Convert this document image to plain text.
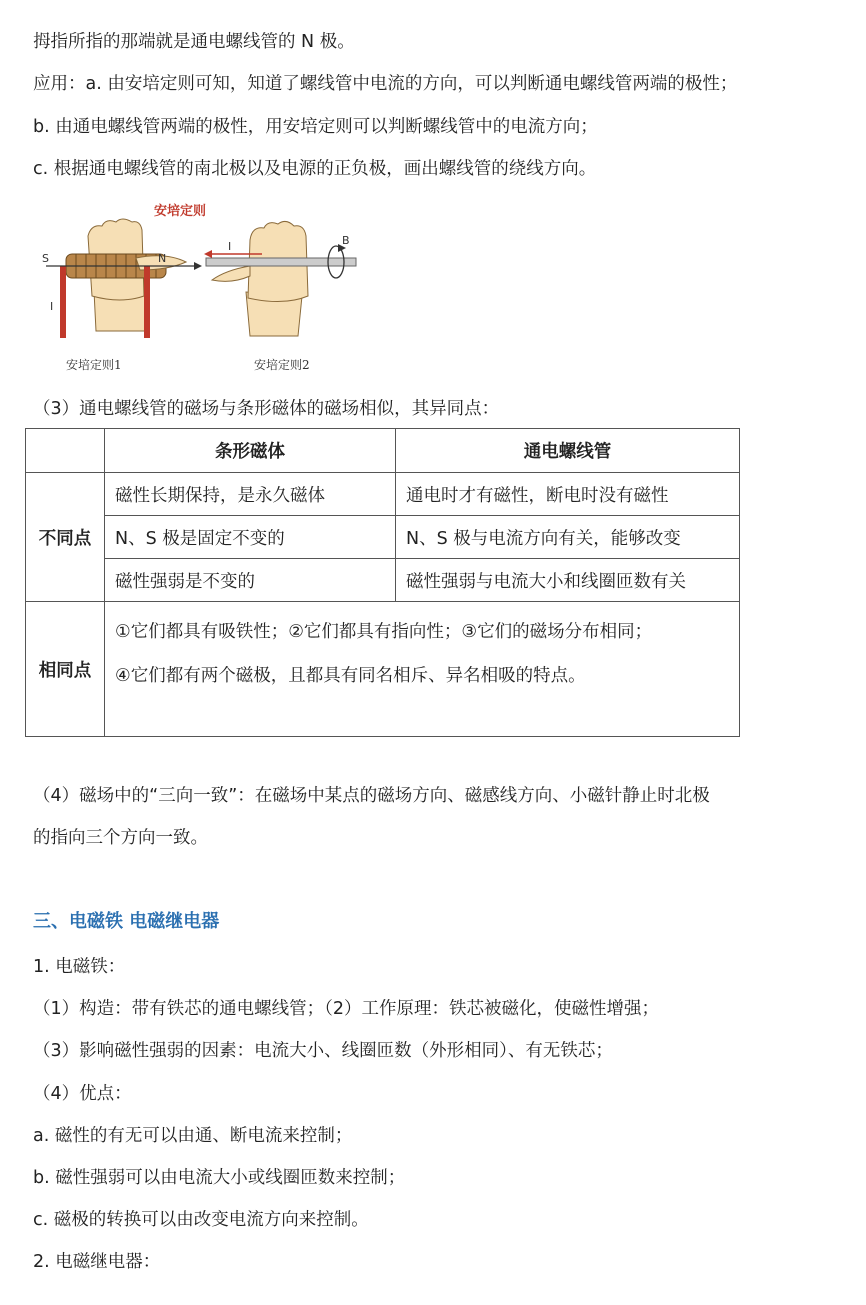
拇指所指的那端就是通电螺线管的 N 极。
应用：a. 由安培定则可知，知道了螺线管中电流的方向，可以判断通电螺线管两端的极性；
b. 由通电螺线管两端的极性，用安培定则可以判断螺线管中的电流方向；
c. 根据通电螺线管的南北极以及电源的正负极，画出螺线管的绕线方向。
安培定则
S	N
I
I	B
安培定则1	安培定则2
（3）通电螺线管的磁场与条形磁体的磁场相似，其异同点：
	条形磁体	通电螺线管
不同点	磁性长期保持，是永久磁体	通电时才有磁性，断电时没有磁性
	N、S 极是固定不变的	N、S 极与电流方向有关，能够改变
	磁性强弱是不变的	磁性强弱与电流大小和线圈匝数有关
相同点	①它们都具有吸铁性；②它们都具有指向性；③它们的磁场分布相同；
④它们都有两个磁极，且都具有同名相斥、异名相吸的特点。	
（4）磁场中的“三向一致”：在磁场中某点的磁场方向、磁感线方向、小磁针静止时北极
的指向三个方向一致。
三、电磁铁 电磁继电器
1. 电磁铁：
（1）构造：带有铁芯的通电螺线管；（2）工作原理：铁芯被磁化，使磁性增强；
（3）影响磁性强弱的因素：电流大小、线圈匝数（外形相同）、有无铁芯；
（4）优点：
a. 磁性的有无可以由通、断电流来控制；
b. 磁性强弱可以由电流大小或线圈匝数来控制；
c. 磁极的转换可以由改变电流方向来控制。
2. 电磁继电器：
